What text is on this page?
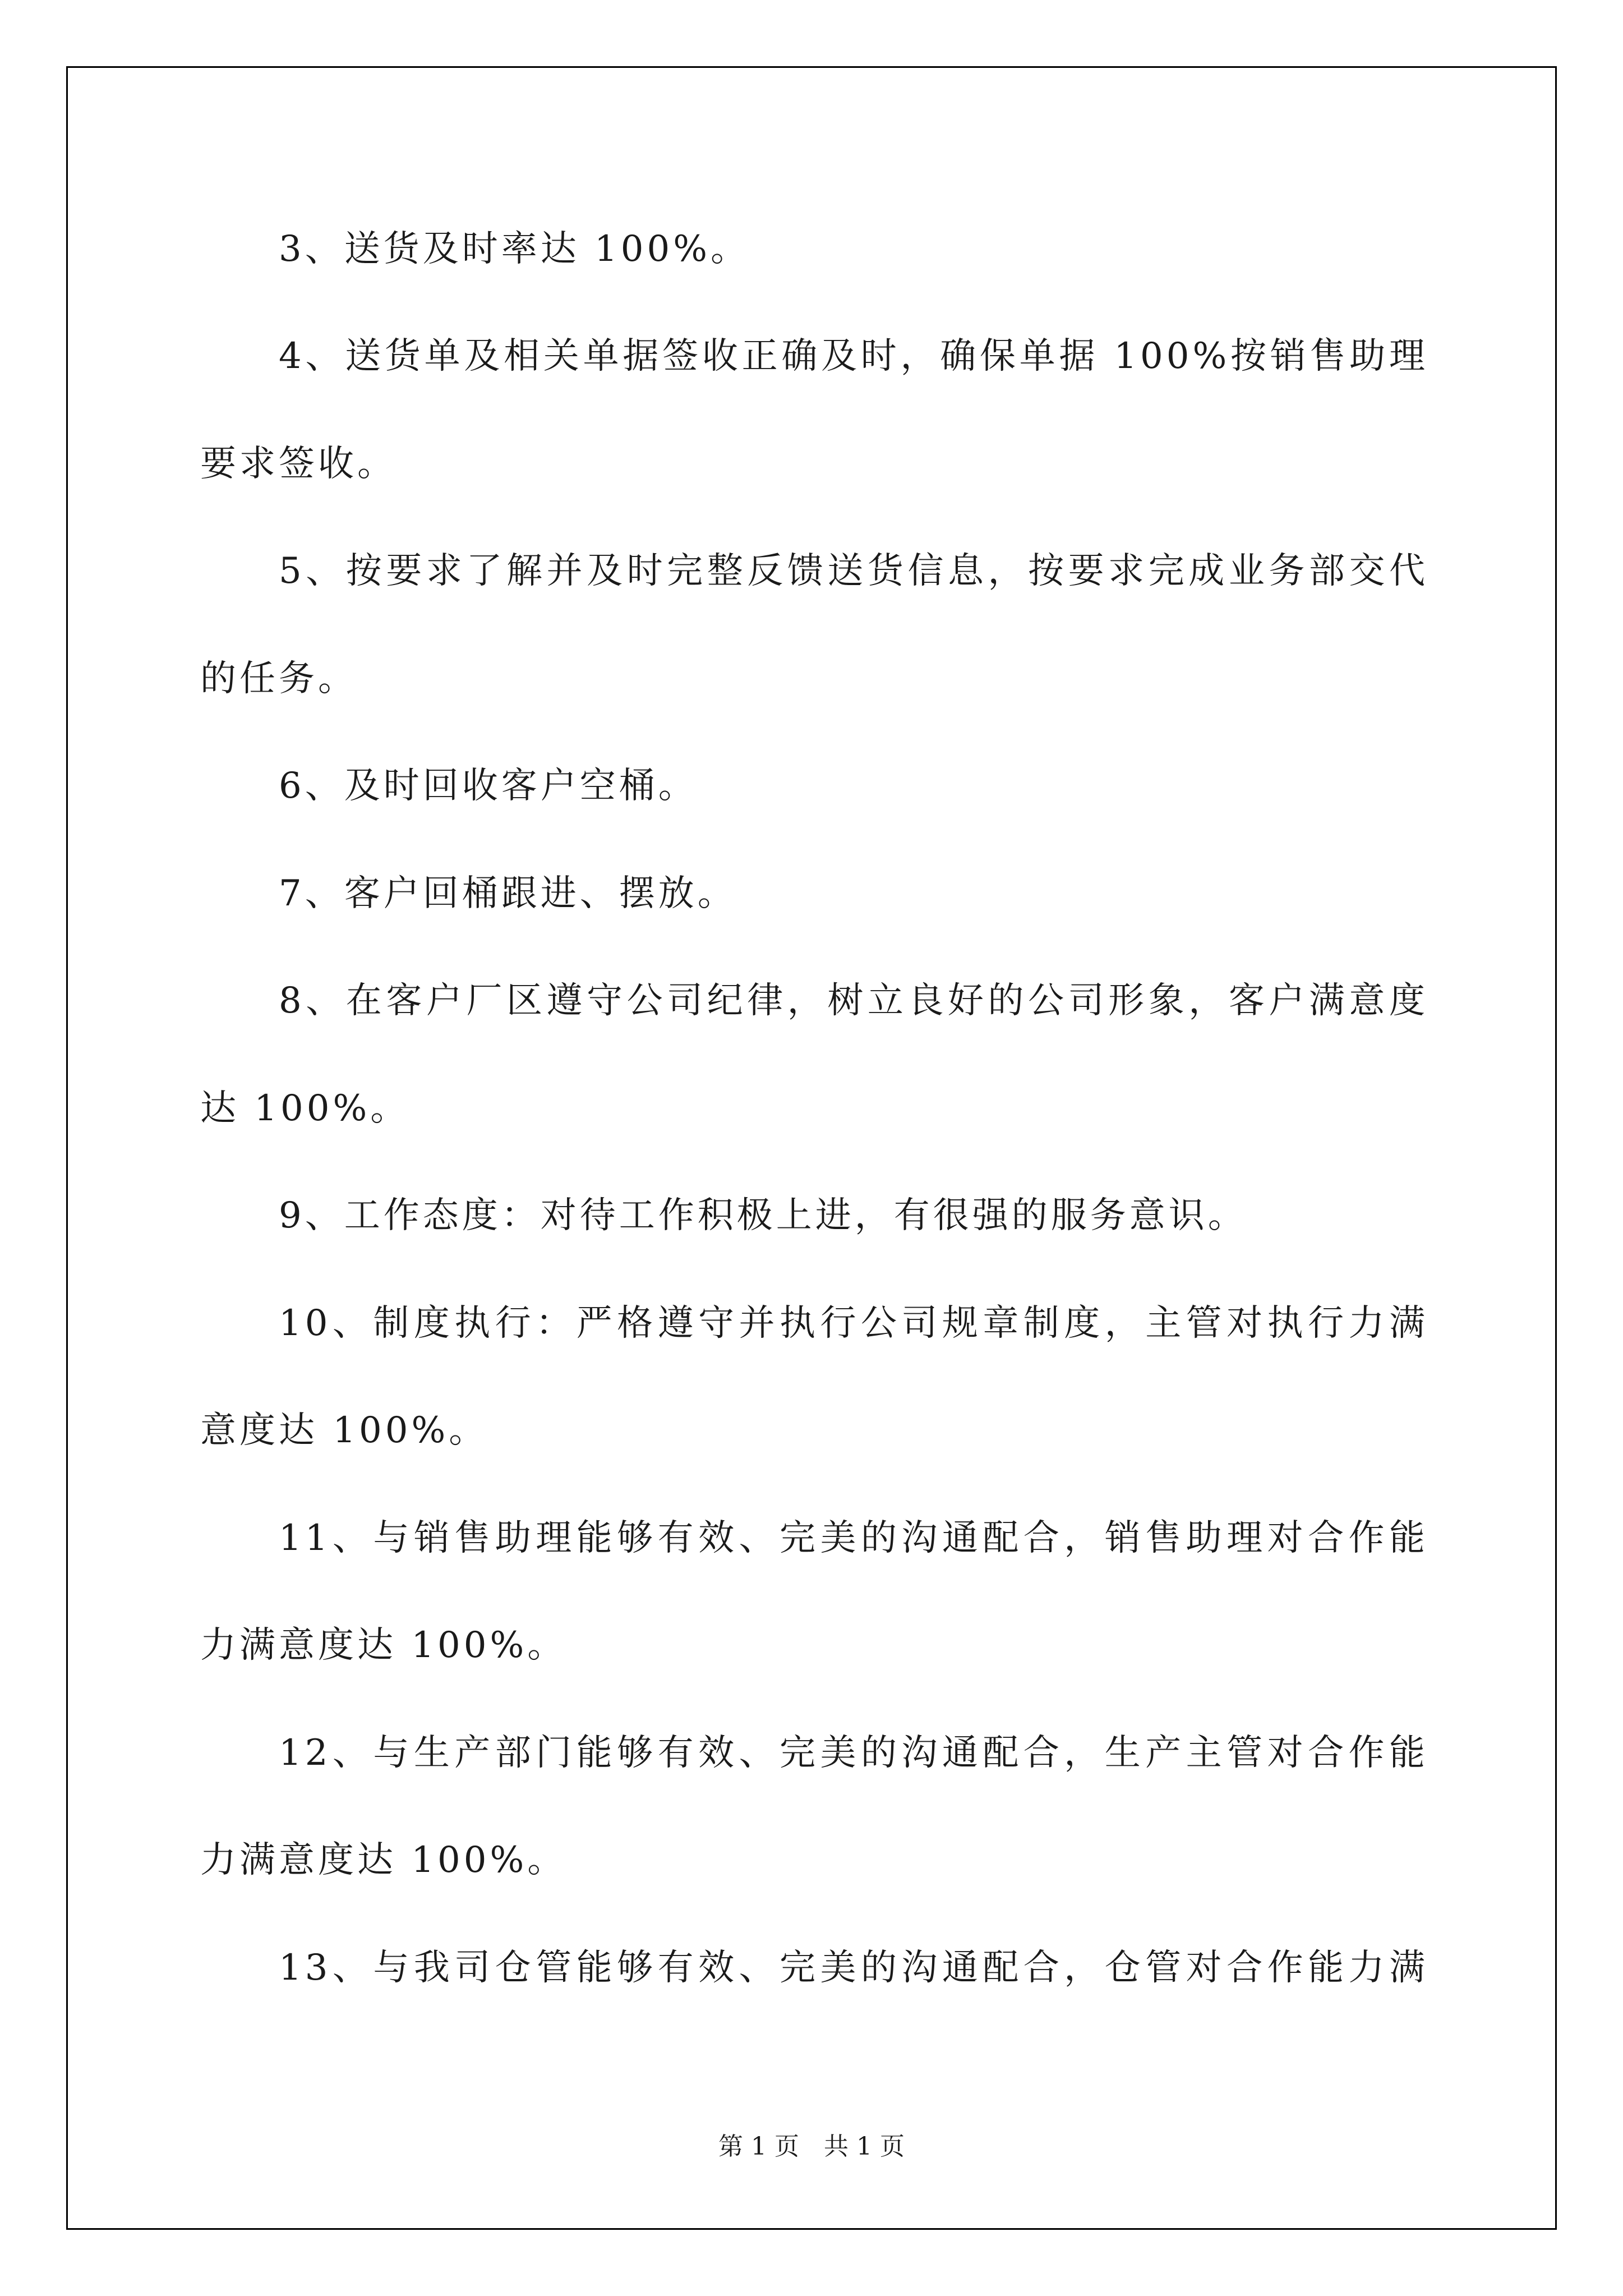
3、送货及时率达 100%。
4、送货单及相关单据签收正确及时，确保单据 100%按销售助理
要求签收。
5、按要求了解并及时完整反馈送货信息，按要求完成业务部交代
的任务。
6、及时回收客户空桶。
7、客户回桶跟进、摆放。
8、在客户厂区遵守公司纪律，树立良好的公司形象，客户满意度
达 100%。
9、工作态度：对待工作积极上进，有很强的服务意识。
10、制度执行：严格遵守并执行公司规章制度，主管对执行力满
意度达 100%。
11、与销售助理能够有效、完美的沟通配合，销售助理对合作能
力满意度达 100%。
12、与生产部门能够有效、完美的沟通配合，生产主管对合作能
力满意度达 100%。
13、与我司仓管能够有效、完美的沟通配合，仓管对合作能力满
第 1 页 共 1 页
